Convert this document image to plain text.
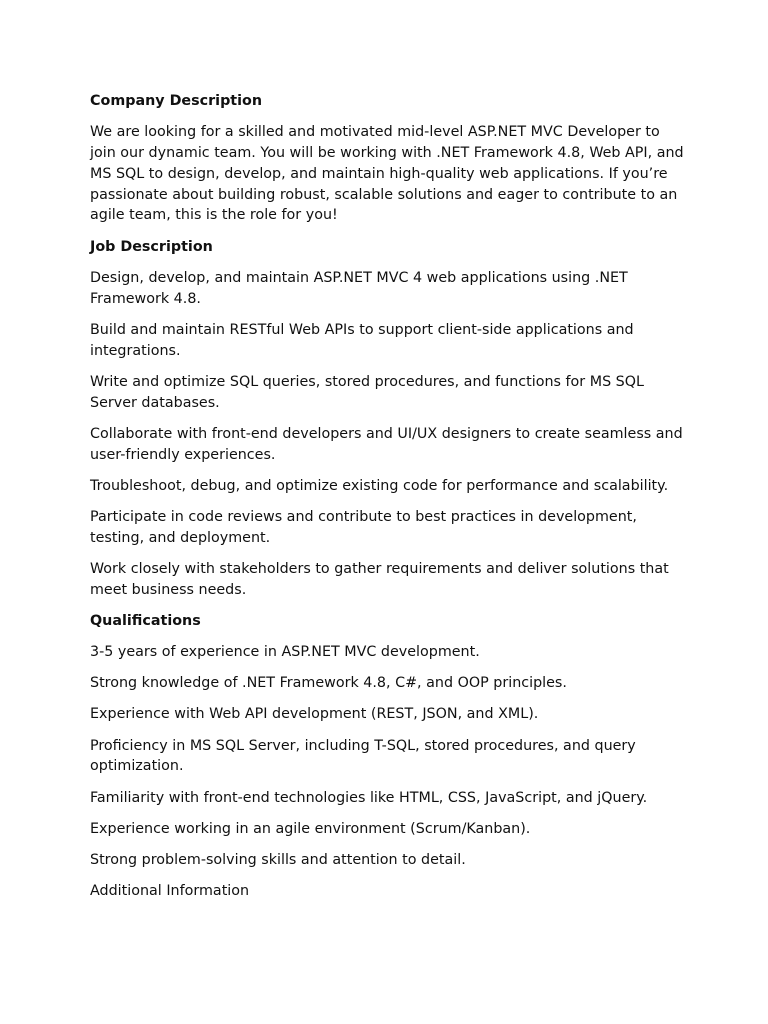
Company Description

We are looking for a skilled and motivated mid-level ASP.NET MVC Developer to join our dynamic team. You will be working with .NET Framework 4.8, Web API, and MS SQL to design, develop, and maintain high-quality web applications. If you’re passionate about building robust, scalable solutions and eager to contribute to an agile team, this is the role for you!

Job Description

Design, develop, and maintain ASP.NET MVC 4 web applications using .NET Framework 4.8.

Build and maintain RESTful Web APIs to support client-side applications and integrations.

Write and optimize SQL queries, stored procedures, and functions for MS SQL Server databases.

Collaborate with front-end developers and UI/UX designers to create seamless and user-friendly experiences.

Troubleshoot, debug, and optimize existing code for performance and scalability.

Participate in code reviews and contribute to best practices in development, testing, and deployment.

Work closely with stakeholders to gather requirements and deliver solutions that meet business needs.

Qualifications

3-5 years of experience in ASP.NET MVC development.

Strong knowledge of .NET Framework 4.8, C#, and OOP principles.

Experience with Web API development (REST, JSON, and XML).

Proficiency in MS SQL Server, including T-SQL, stored procedures, and query optimization.

Familiarity with front-end technologies like HTML, CSS, JavaScript, and jQuery.

Experience working in an agile environment (Scrum/Kanban).

Strong problem-solving skills and attention to detail.

Additional Information
